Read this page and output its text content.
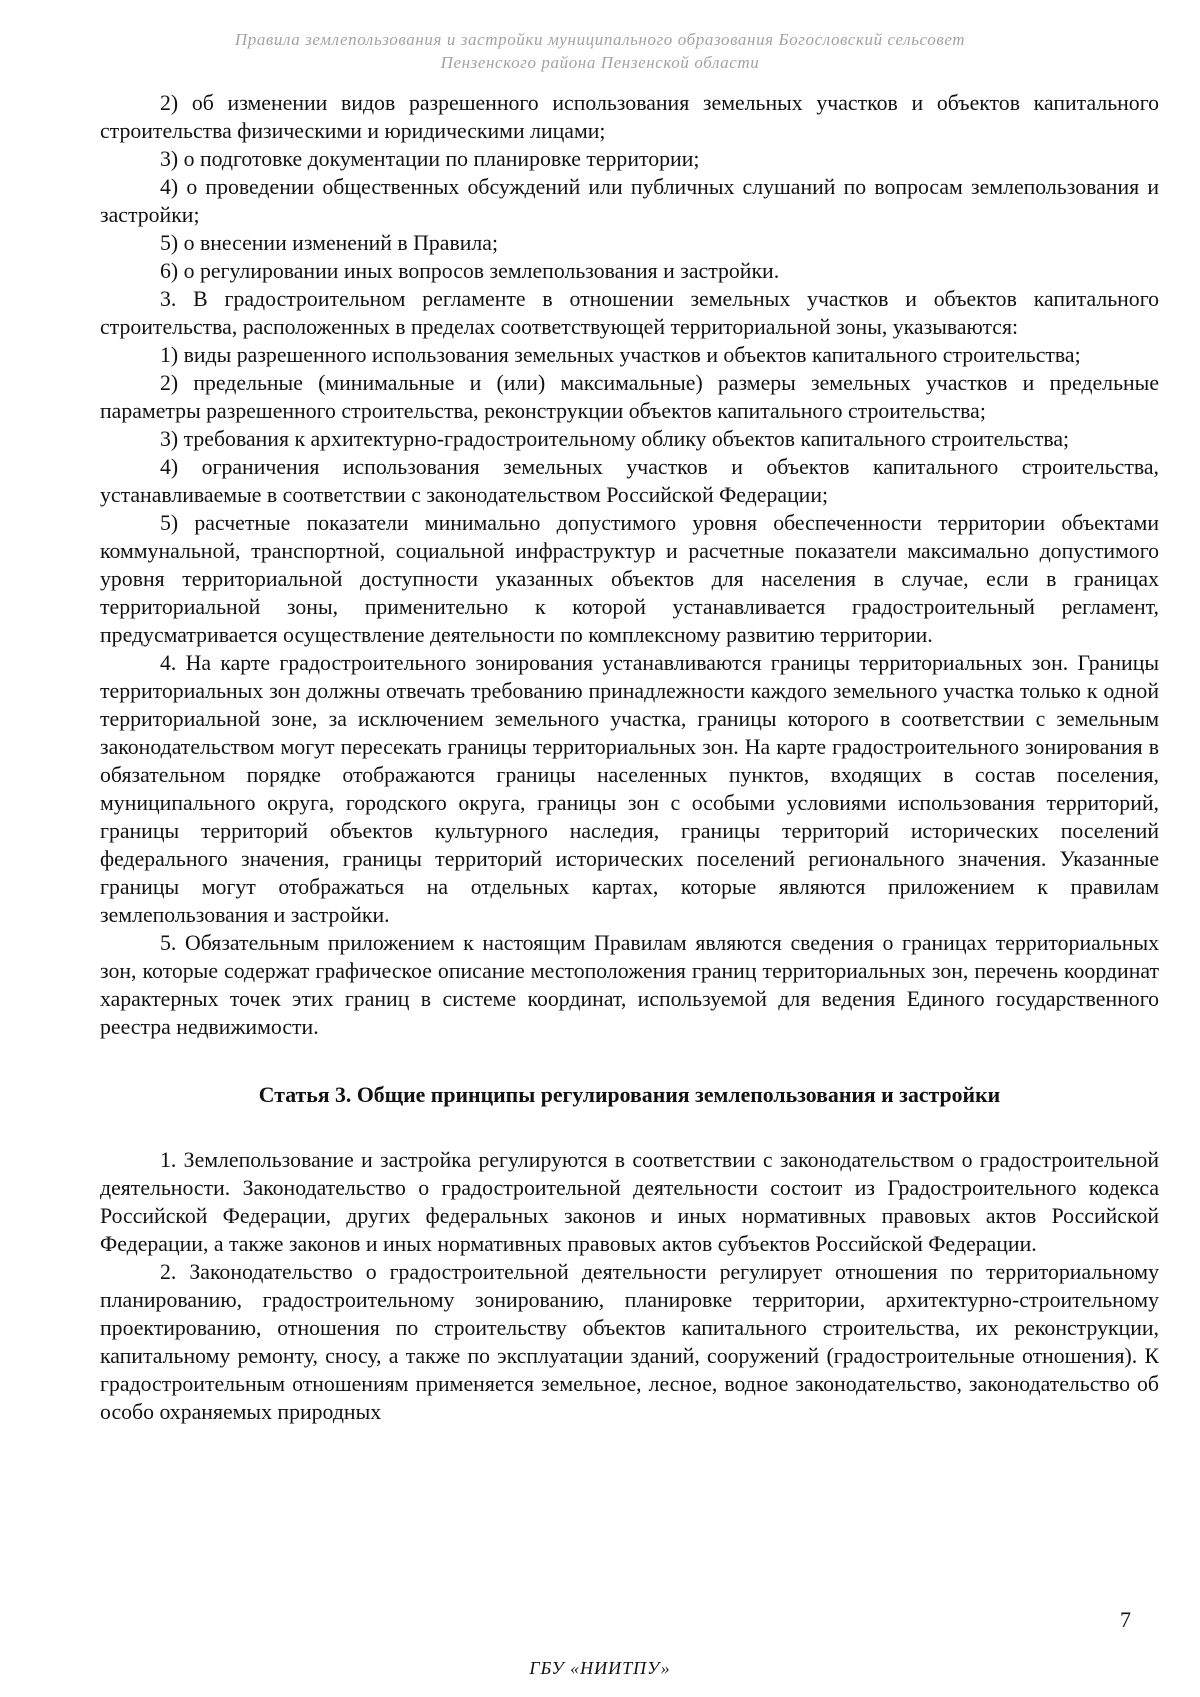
Правила землепользования и застройки муниципального образования Богословский сельсовет
Пензенского района Пензенской области

2) об изменении видов разрешенного использования земельных участков и объектов капитального строительства физическими и юридическими лицами;

3) о подготовке документации по планировке территории;

4) о проведении общественных обсуждений или публичных слушаний по вопросам землепользования и застройки;

5) о внесении изменений в Правила;

6) о регулировании иных вопросов землепользования и застройки.

3. В градостроительном регламенте в отношении земельных участков и объектов капитального строительства, расположенных в пределах соответствующей территориальной зоны, указываются:

1) виды разрешенного использования земельных участков и объектов капитального строительства;

2) предельные (минимальные и (или) максимальные) размеры земельных участков и предельные параметры разрешенного строительства, реконструкции объектов капитального строительства;

3) требования к архитектурно-градостроительному облику объектов капитального строительства;

4) ограничения использования земельных участков и объектов капитального строительства, устанавливаемые в соответствии с законодательством Российской Федерации;

5) расчетные показатели минимально допустимого уровня обеспеченности территории объектами коммунальной, транспортной, социальной инфраструктур и расчетные показатели максимально допустимого уровня территориальной доступности указанных объектов для населения в случае, если в границах территориальной зоны, применительно к которой устанавливается градостроительный регламент, предусматривается осуществление деятельности по комплексному развитию территории.

4. На карте градостроительного зонирования устанавливаются границы территориальных зон. Границы территориальных зон должны отвечать требованию принадлежности каждого земельного участка только к одной территориальной зоне, за исключением земельного участка, границы которого в соответствии с земельным законодательством могут пересекать границы территориальных зон. На карте градостроительного зонирования в обязательном порядке отображаются границы населенных пунктов, входящих в состав поселения, муниципального округа, городского округа, границы зон с особыми условиями использования территорий, границы территорий объектов культурного наследия, границы территорий исторических поселений федерального значения, границы территорий исторических поселений регионального значения. Указанные границы могут отображаться на отдельных картах, которые являются приложением к правилам землепользования и застройки.

5. Обязательным приложением к настоящим Правилам являются сведения о границах территориальных зон, которые содержат графическое описание местоположения границ территориальных зон, перечень координат характерных точек этих границ в системе координат, используемой для ведения Единого государственного реестра недвижимости.

Статья 3. Общие принципы регулирования землепользования и застройки

1. Землепользование и застройка регулируются в соответствии с законодательством о градостроительной деятельности. Законодательство о градостроительной деятельности состоит из Градостроительного кодекса Российской Федерации, других федеральных законов и иных нормативных правовых актов Российской Федерации, а также законов и иных нормативных правовых актов субъектов Российской Федерации.

2. Законодательство о градостроительной деятельности регулирует отношения по территориальному планированию, градостроительному зонированию, планировке территории, архитектурно-строительному проектированию, отношения по строительству объектов капитального строительства, их реконструкции, капитальному ремонту, сносу, а также по эксплуатации зданий, сооружений (градостроительные отношения). К градостроительным отношениям применяется земельное, лесное, водное законодательство, законодательство об особо охраняемых природных

7
ГБУ «НИИТПУ»
